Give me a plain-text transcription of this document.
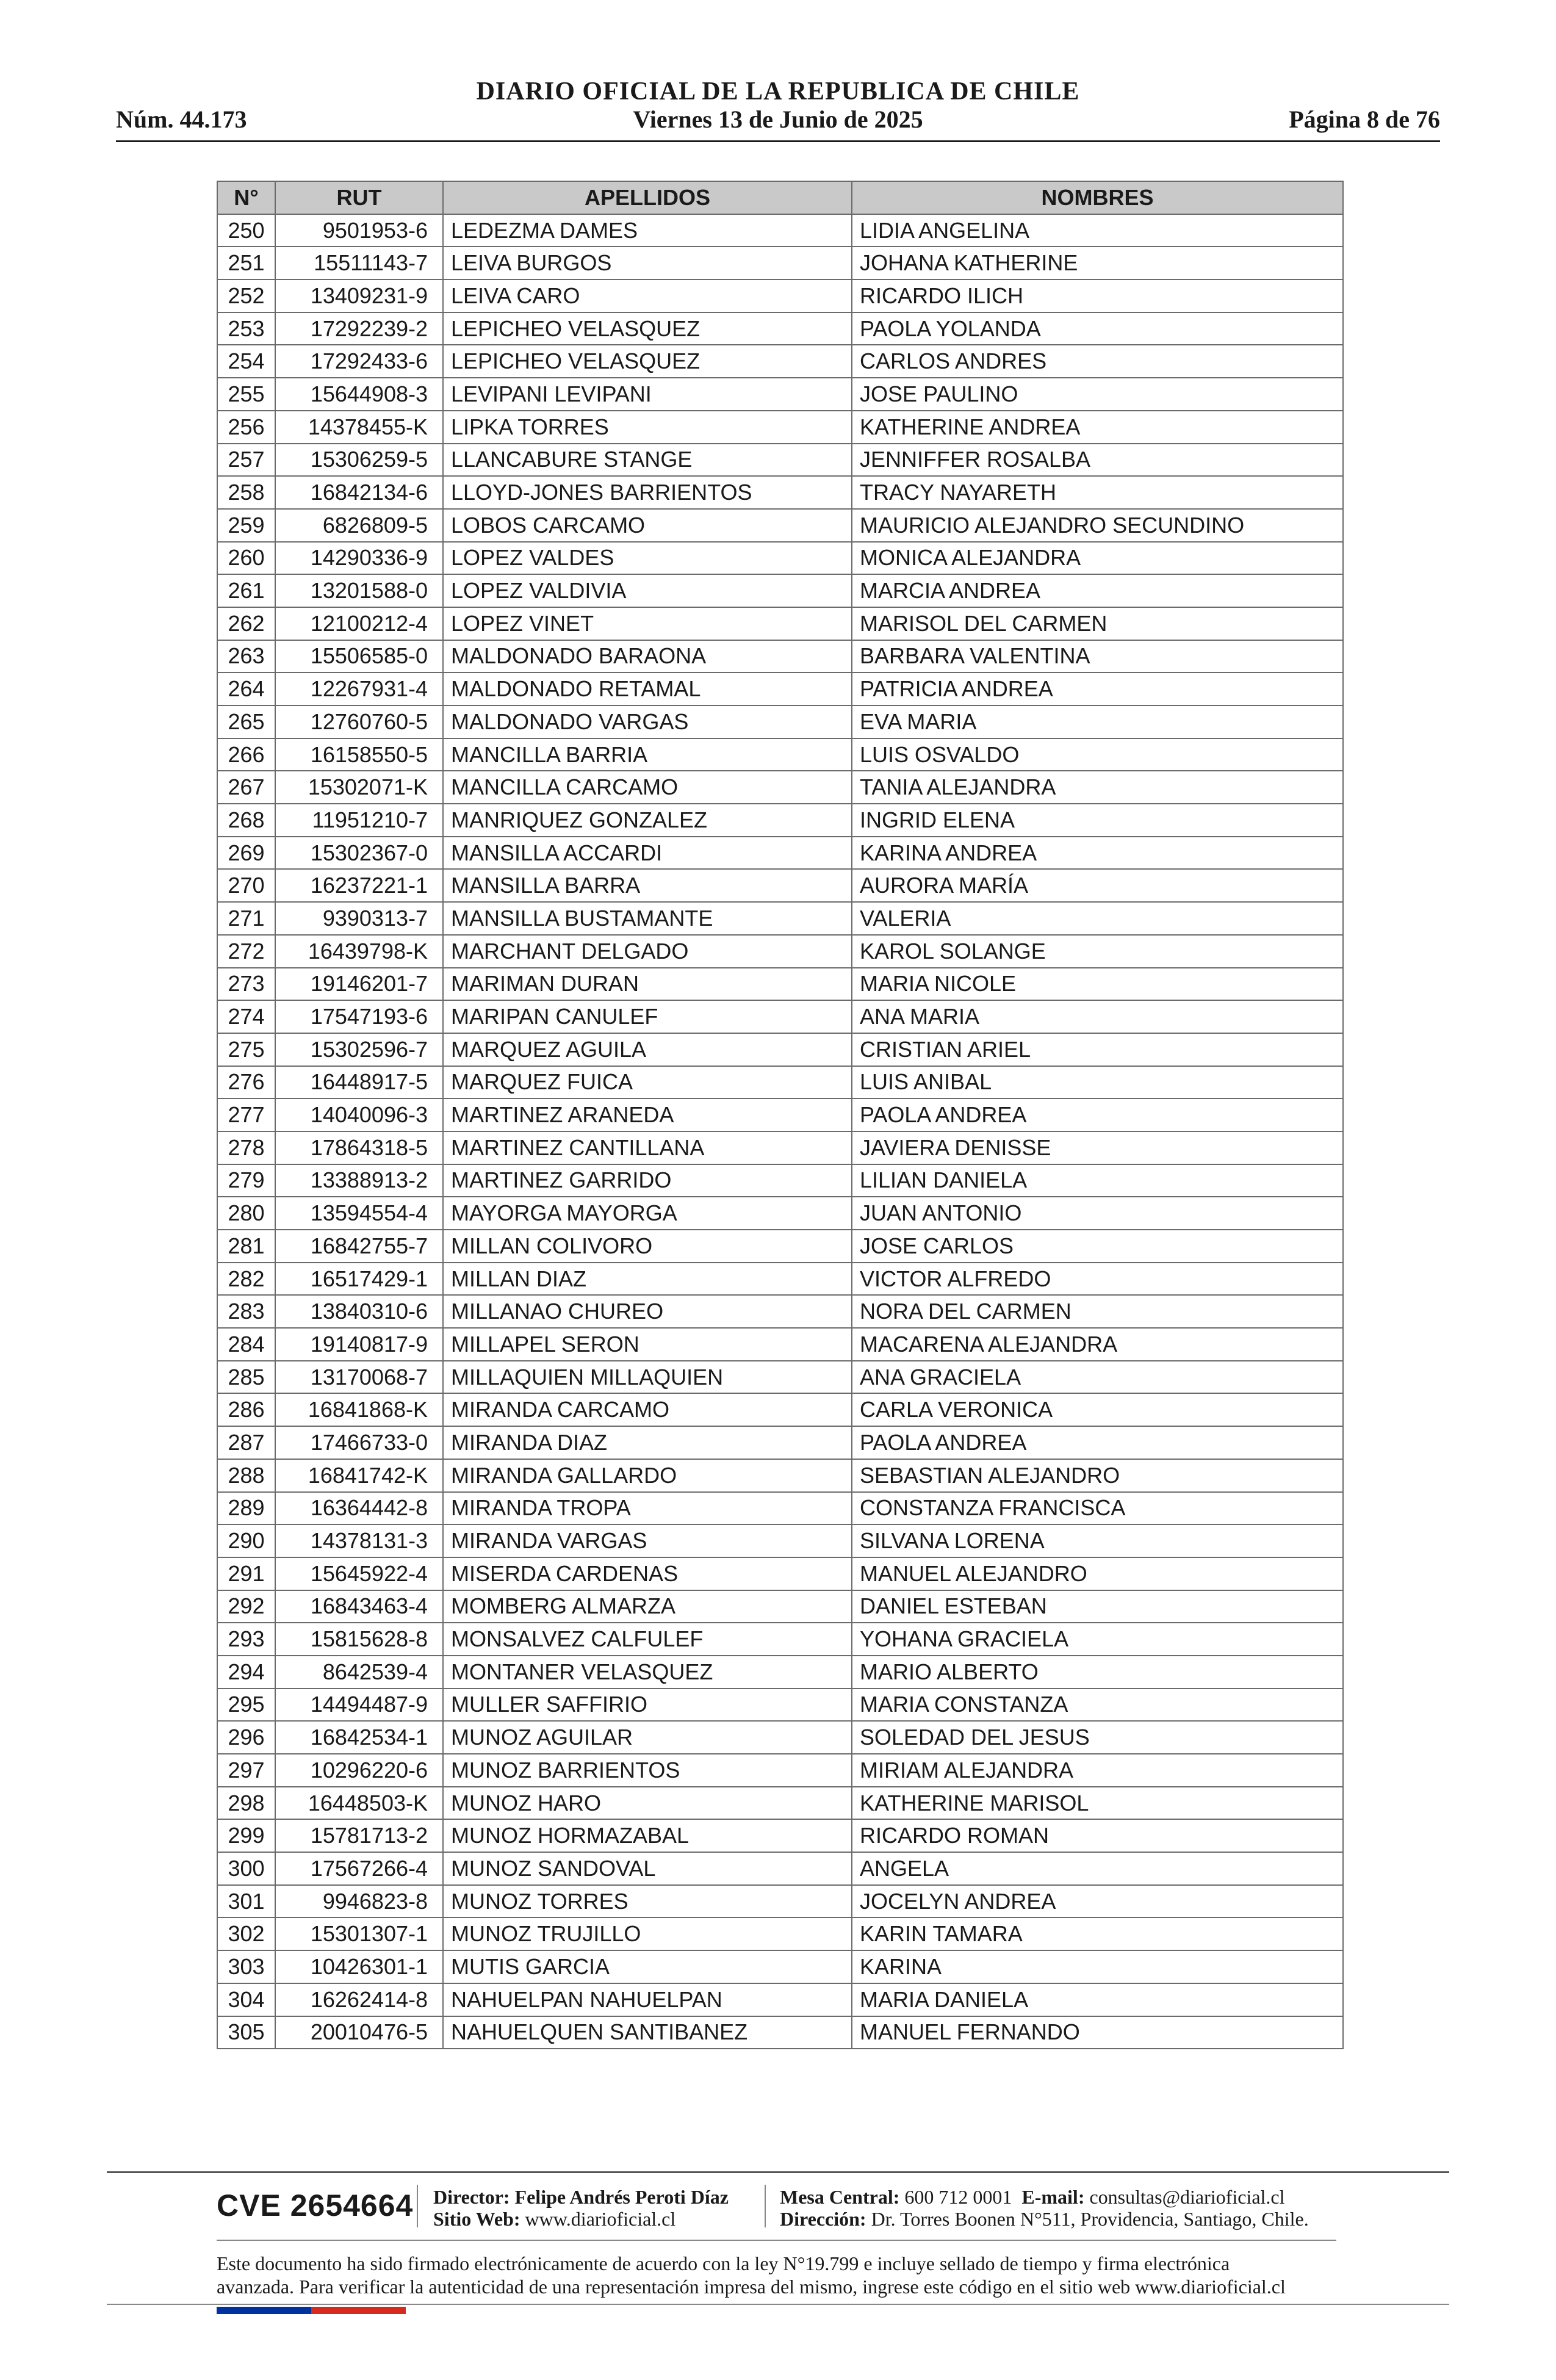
DIARIO OFICIAL DE LA REPUBLICA DE CHILE
Núm. 44.173	Viernes 13 de Junio de 2025	Página 8 de 76
N°	RUT	APELLIDOS	NOMBRES
250	9501953-6	LEDEZMA DAMES	LIDIA ANGELINA
251	15511143-7	LEIVA BURGOS	JOHANA KATHERINE
252	13409231-9	LEIVA CARO	RICARDO ILICH
253	17292239-2	LEPICHEO VELASQUEZ	PAOLA YOLANDA
254	17292433-6	LEPICHEO VELASQUEZ	CARLOS ANDRES
255	15644908-3	LEVIPANI LEVIPANI	JOSE PAULINO
256	14378455-K	LIPKA TORRES	KATHERINE ANDREA
257	15306259-5	LLANCABURE STANGE	JENNIFFER ROSALBA
258	16842134-6	LLOYD-JONES BARRIENTOS	TRACY NAYARETH
259	6826809-5	LOBOS CARCAMO	MAURICIO ALEJANDRO SECUNDINO
260	14290336-9	LOPEZ VALDES	MONICA ALEJANDRA
261	13201588-0	LOPEZ VALDIVIA	MARCIA ANDREA
262	12100212-4	LOPEZ VINET	MARISOL DEL CARMEN
263	15506585-0	MALDONADO BARAONA	BARBARA VALENTINA
264	12267931-4	MALDONADO RETAMAL	PATRICIA ANDREA
265	12760760-5	MALDONADO VARGAS	EVA MARIA
266	16158550-5	MANCILLA BARRIA	LUIS OSVALDO
267	15302071-K	MANCILLA CARCAMO	TANIA ALEJANDRA
268	11951210-7	MANRIQUEZ GONZALEZ	INGRID ELENA
269	15302367-0	MANSILLA ACCARDI	KARINA ANDREA
270	16237221-1	MANSILLA BARRA	AURORA MARÍA
271	9390313-7	MANSILLA BUSTAMANTE	VALERIA
272	16439798-K	MARCHANT DELGADO	KAROL SOLANGE
273	19146201-7	MARIMAN DURAN	MARIA NICOLE
274	17547193-6	MARIPAN CANULEF	ANA MARIA
275	15302596-7	MARQUEZ AGUILA	CRISTIAN ARIEL
276	16448917-5	MARQUEZ FUICA	LUIS ANIBAL
277	14040096-3	MARTINEZ ARANEDA	PAOLA ANDREA
278	17864318-5	MARTINEZ CANTILLANA	JAVIERA DENISSE
279	13388913-2	MARTINEZ GARRIDO	LILIAN DANIELA
280	13594554-4	MAYORGA MAYORGA	JUAN ANTONIO
281	16842755-7	MILLAN COLIVORO	JOSE CARLOS
282	16517429-1	MILLAN DIAZ	VICTOR ALFREDO
283	13840310-6	MILLANAO CHUREO	NORA DEL CARMEN
284	19140817-9	MILLAPEL SERON	MACARENA ALEJANDRA
285	13170068-7	MILLAQUIEN MILLAQUIEN	ANA GRACIELA
286	16841868-K	MIRANDA CARCAMO	CARLA VERONICA
287	17466733-0	MIRANDA DIAZ	PAOLA ANDREA
288	16841742-K	MIRANDA GALLARDO	SEBASTIAN ALEJANDRO
289	16364442-8	MIRANDA TROPA	CONSTANZA FRANCISCA
290	14378131-3	MIRANDA VARGAS	SILVANA LORENA
291	15645922-4	MISERDA CARDENAS	MANUEL ALEJANDRO
292	16843463-4	MOMBERG ALMARZA	DANIEL ESTEBAN
293	15815628-8	MONSALVEZ CALFULEF	YOHANA GRACIELA
294	8642539-4	MONTANER VELASQUEZ	MARIO ALBERTO
295	14494487-9	MULLER SAFFIRIO	MARIA CONSTANZA
296	16842534-1	MUNOZ AGUILAR	SOLEDAD DEL JESUS
297	10296220-6	MUNOZ BARRIENTOS	MIRIAM ALEJANDRA
298	16448503-K	MUNOZ HARO	KATHERINE MARISOL
299	15781713-2	MUNOZ HORMAZABAL	RICARDO ROMAN
300	17567266-4	MUNOZ SANDOVAL	ANGELA
301	9946823-8	MUNOZ TORRES	JOCELYN ANDREA
302	15301307-1	MUNOZ TRUJILLO	KARIN TAMARA
303	10426301-1	MUTIS GARCIA	KARINA
304	16262414-8	NAHUELPAN NAHUELPAN	MARIA DANIELA
305	20010476-5	NAHUELQUEN SANTIBANEZ	MANUEL FERNANDO
CVE 2654664 Director: Felipe Andrés Peroti Díaz
Sitio Web: www.diarioficial.cl
Mesa Central: 600 712 0001 E-mail: consultas@diarioficial.cl
Dirección: Dr. Torres Boonen N°511, Providencia, Santiago, Chile.
Este documento ha sido firmado electrónicamente de acuerdo con la ley N°19.799 e incluye sellado de tiempo y firma electrónica
avanzada. Para verificar la autenticidad de una representación impresa del mismo, ingrese este código en el sitio web www.diarioficial.cl
